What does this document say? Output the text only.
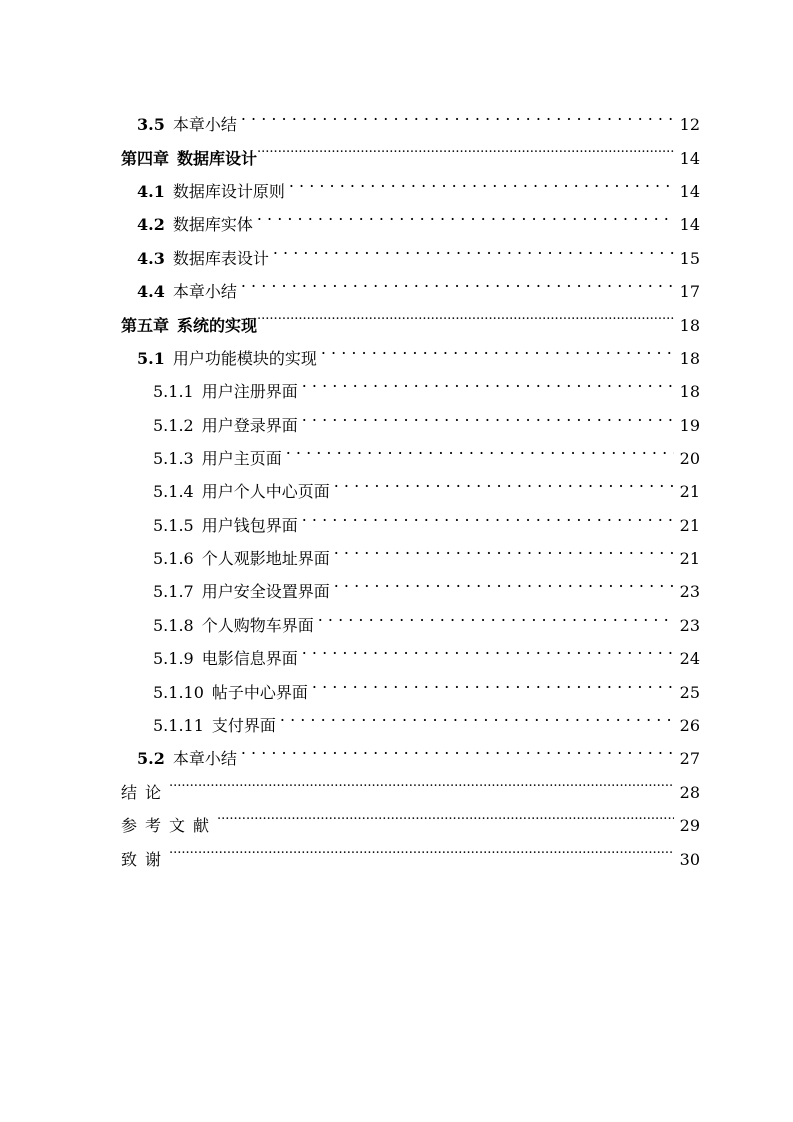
3.5 本章小结 . . .	12
第四章 数据库设计 .....	14
4.1 数据库设计原则 . . .	14
4.2 数据库实体 . . .	14
4.3 数据库表设计 . . .	15
4.4 本章小结 . . .	17
第五章 系统的实现 .....	18
5.1 用户功能模块的实现 . . .	18
5.1.1 用户注册界面 . . .	18
5.1.2 用户登录界面 . . .	19
5.1.3 用户主页面 . . .	20
5.1.4 用户个人中心页面 . . .	21
5.1.5 用户钱包界面 . . .	21
5.1.6 个人观影地址界面 . . .	21
5.1.7 用户安全设置界面 . . .	23
5.1.8 个人购物车界面 . . .	23
5.1.9 电影信息界面 . . .	24
5.1.10 帖子中心界面 . . .	25
5.1.11 支付界面 . . .	26
5.2 本章小结 . . .	27
结论 .....	28
参考文献 .....	29
致谢 .....	30
